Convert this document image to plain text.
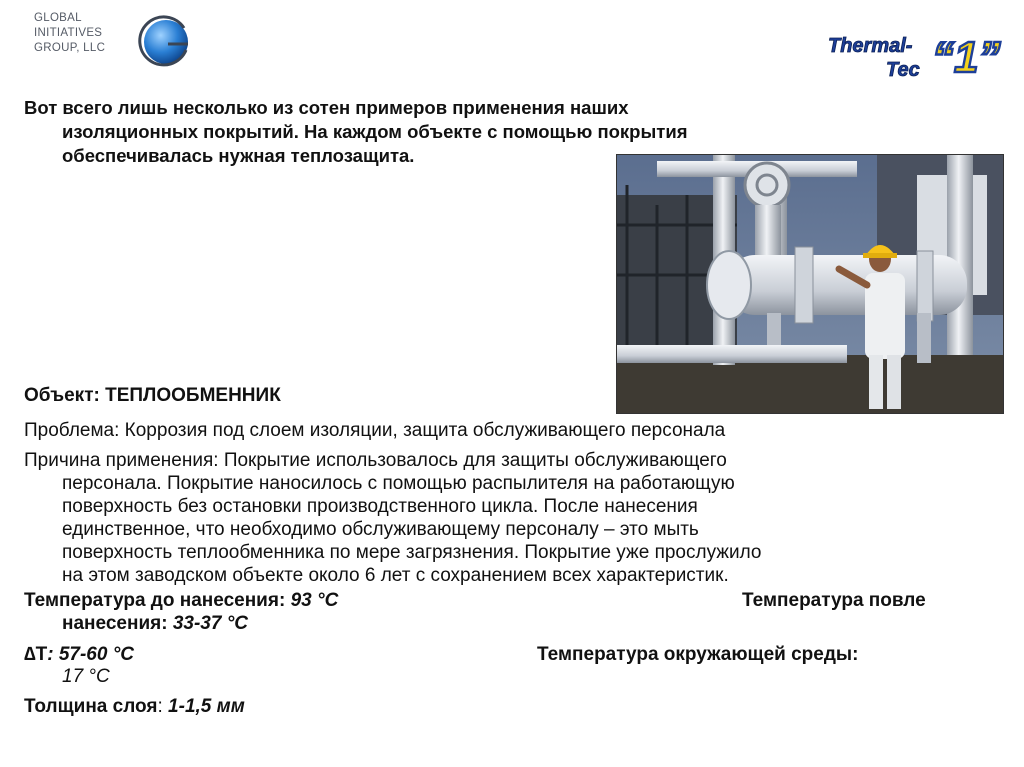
GLOBAL
INITIATIVES
GROUP, LLC	Thermal-
Tec “1”
Вот всего лишь несколько из сотен примеров применения наших
изоляционных покрытий. На каждом объекте с помощью покрытия
обеспечивалась нужная теплозащита.

Объект: ТЕПЛООБМЕННИК

Проблема: Коррозия под слоем изоляции, защита обслуживающего персонала

Причина применения: Покрытие использовалось для защиты обслуживающего
персонала. Покрытие наносилось с помощью распылителя на работающую
поверхность без остановки производственного цикла. После нанесения
единственное, что необходимо обслуживающему персоналу – это мыть
поверхность теплообменника по мере загрязнения. Покрытие уже прослужило
на этом заводском объекте около 6 лет с сохранением всех характеристик.
Температура до нанесения: 93 °C	Температура повле
нанесения: 33-37 °C
∆T: 57-60 °C	Температура окружающей среды:
17 °C

Толщина слоя: 1-1,5 мм
